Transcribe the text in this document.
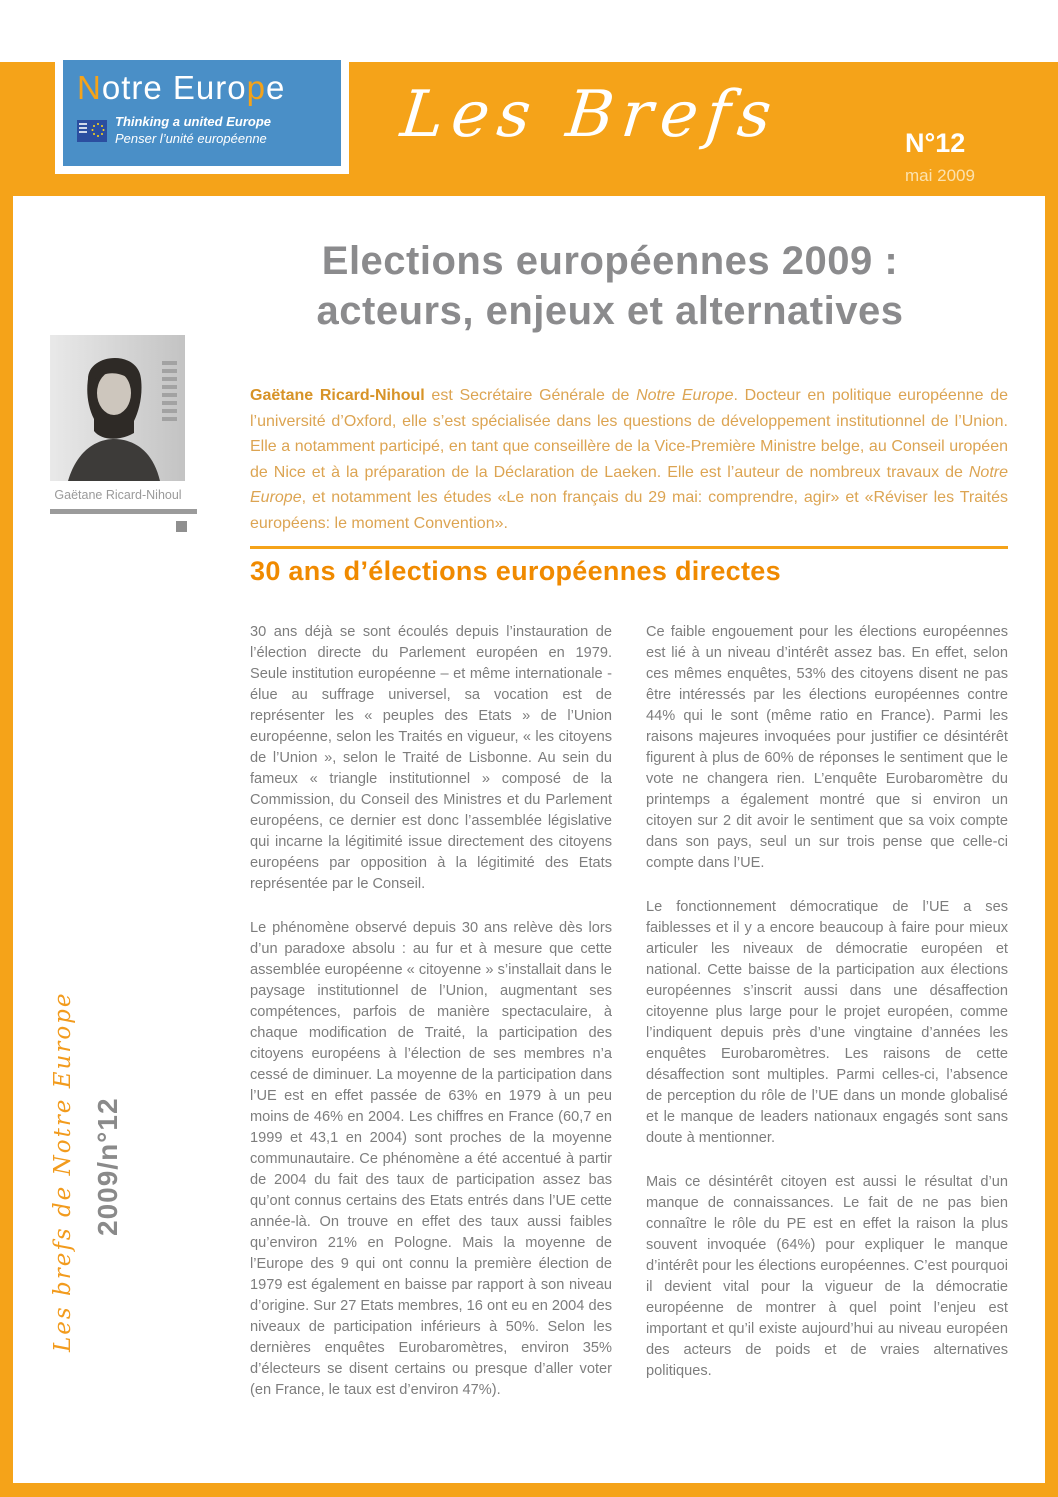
Notre Europe
Thinking a united Europe
Penser l’unité européenne	Les Brefs	N°12
mai 2009
Elections européennes 2009 :
acteurs, enjeux et alternatives
Gaëtane Ricard-Nihoul

Gaëtane Ricard-Nihoul est Secrétaire Générale de Notre Europe. Docteur en politique européenne de l’université d’Oxford, elle s’est spécialisée dans les questions de développement institutionnel de l’Union. Elle a notamment participé, en tant que conseillère de la Vice-Première Ministre belge, au Conseil uropéen de Nice et à la préparation de la Déclaration de Laeken. Elle est l’auteur de nombreux travaux de Notre Europe, et notamment les études «Le non français du 29 mai: comprendre, agir» et «Réviser les Traités européens: le moment Convention».

30 ans d’élections européennes directes

30 ans déjà se sont écoulés depuis l’instauration de l’élection directe du Parlement européen en 1979. Seule institution européenne – et même internationale - élue au suffrage universel, sa vocation est de représenter les « peuples des Etats » de l’Union européenne, selon les Traités en vigueur, « les citoyens de l’Union », selon le Traité de Lisbonne. Au sein du fameux « triangle institutionnel » composé de la Commission, du Conseil des Ministres et du Parlement européens, ce dernier est donc l’assemblée législative qui incarne la légitimité issue directement des citoyens européens par opposition à la légitimité des Etats représentée par le Conseil.

Le phénomène observé depuis 30 ans relève dès lors d’un paradoxe absolu : au fur et à mesure que cette assemblée européenne « citoyenne » s’installait dans le paysage institutionnel de l’Union, augmentant ses compétences, parfois de manière spectaculaire, à chaque modification de Traité, la participation des citoyens européens à l’élection de ses membres n’a cessé de diminuer. La moyenne de la participation dans l’UE est en effet passée de 63% en 1979 à un peu moins de 46% en 2004. Les chiffres en France (60,7 en 1999 et 43,1 en 2004) sont proches de la moyenne communautaire. Ce phénomène a été accentué à partir de 2004 du fait des taux de participation assez bas qu’ont connus certains des Etats entrés dans l’UE cette année-là. On trouve en effet des taux aussi faibles qu’environ 21% en Pologne. Mais la moyenne de l’Europe des 9 qui ont connu la première élection de 1979 est également en baisse par rapport à son niveau d’origine. Sur 27 Etats membres, 16 ont eu en 2004 des niveaux de participation inférieurs à 50%. Selon les dernières enquêtes Eurobaromètres, environ 35% d’électeurs se disent certains ou presque d’aller voter (en France, le taux est d’environ 47%).

Ce faible engouement pour les élections européennes est lié à un niveau d’intérêt assez bas. En effet, selon ces mêmes enquêtes, 53% des citoyens disent ne pas être intéressés par les élections européennes contre 44% qui le sont (même ratio en France). Parmi les raisons majeures invoquées pour justifier ce désintérêt figurent à plus de 60% de réponses le sentiment que le vote ne changera rien. L’enquête Eurobaromètre du printemps a également montré que si environ un citoyen sur 2 dit avoir le sentiment que sa voix compte dans son pays, seul un sur trois pense que celle-ci compte dans l’UE.

Le fonctionnement démocratique de l’UE a ses faiblesses et il y a encore beaucoup à faire pour mieux articuler les niveaux de démocratie européen et national. Cette baisse de la participation aux élections européennes s’inscrit aussi dans une désaffection citoyenne plus large pour le projet européen, comme l’indiquent depuis près d’une vingtaine d’années les enquêtes Eurobaromètres. Les raisons de cette désaffection sont multiples. Parmi celles-ci, l’absence de perception du rôle de l’UE dans un monde globalisé et le manque de leaders nationaux engagés sont sans doute à mentionner.

Mais ce désintérêt citoyen est aussi le résultat d’un manque de connaissances. Le fait de ne pas bien connaître le rôle du PE est en effet la raison la plus souvent invoquée (64%) pour expliquer le manque d’intérêt pour les élections européennes. C’est pourquoi il devient vital pour la vigueur de la démocratie européenne de montrer à quel point l’enjeu est important et qu’il existe aujourd’hui au niveau européen des acteurs de poids et de vraies alternatives politiques.

Les brefs de Notre Europe 2009/n°12
